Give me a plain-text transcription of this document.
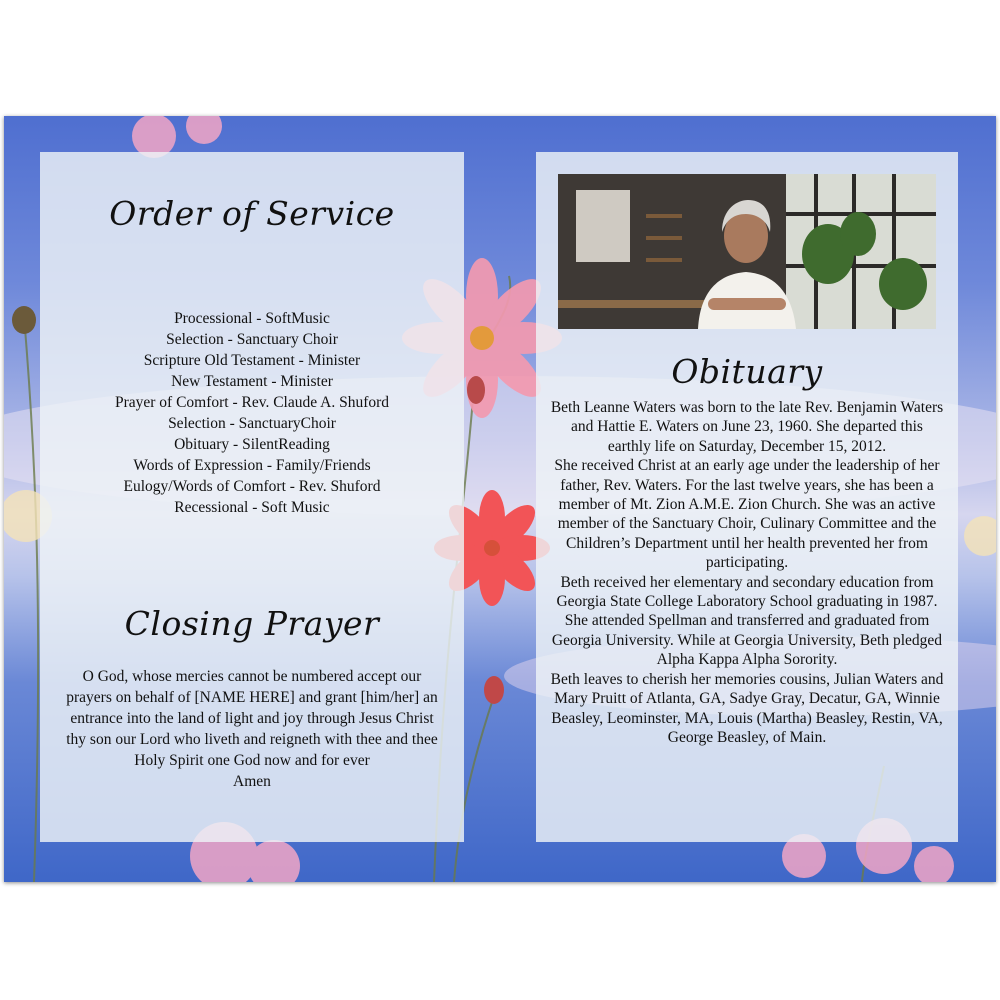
Order of Service
Processional - SoftMusic
Selection - Sanctuary Choir
Scripture Old Testament - Minister
New Testament - Minister
Prayer of Comfort - Rev. Claude A. Shuford
Selection - SanctuaryChoir
Obituary - SilentReading
Words of Expression - Family/Friends
Eulogy/Words of Comfort - Rev. Shuford
Recessional - Soft Music
Closing Prayer
O God, whose mercies cannot be numbered accept our prayers on behalf of [NAME HERE] and grant [him/her] an entrance into the land of light and joy through Jesus Christ thy son our Lord who liveth and reigneth with thee and thee Holy Spirit one God now and for ever
Amen
Obituary

Beth Leanne Waters was born to the late Rev. Benjamin Waters and Hattie E. Waters on June 23, 1960. She departed this earthly life on Saturday, December 15, 2012.

She received Christ at an early age under the leadership of her father, Rev. Waters. For the last twelve years, she has been a member of Mt. Zion A.M.E. Zion Church. She was an active member of the Sanctuary Choir, Culinary Committee and the Children’s Department until her health prevented her from participating.

Beth received her elementary and secondary education from Georgia State College Laboratory School graduating in 1987. She attended Spellman and transferred and graduated from Georgia University. While at Georgia University, Beth pledged Alpha Kappa Alpha Sorority.

Beth leaves to cherish her memories cousins, Julian Waters and Mary Pruitt of Atlanta, GA, Sadye Gray, Decatur, GA, Winnie Beasley, Leominster, MA, Louis (Martha) Beasley, Restin, VA, George Beasley, of Main.
